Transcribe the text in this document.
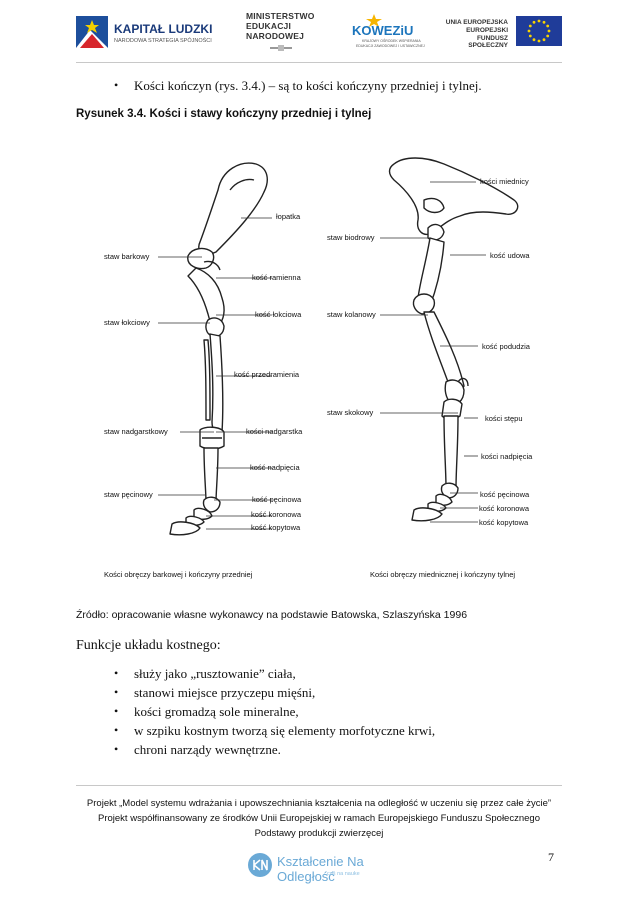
KAPITAŁ LUDZKI
NARODOWA STRATEGIA SPÓJNOŚCI
MINISTERSTWO
EDUKACJI
NARODOWEJ	KOWEZiU
KRAJOWY OŚRODEK WSPIERANIA
EDUKACJI ZAWODOWEJ I USTAWICZNEJ
UNIA EUROPEJSKA
EUROPEJSKI
FUNDUSZ SPOŁECZNY
• Kości kończyn (rys. 3.4.) – są to kości kończyny przedniej i tylnej.
Rysunek 3.4. Kości i stawy kończyny przedniej i tylnej
łopatka
staw barkowy
kość ramienna
staw łokciowy
kość łokciowa
kość przedramienia
staw nadgarstkowy	kości nadgarstka
kość nadpięcia
staw pęcinowy
kość pęcinowa
kość koronowa
kość kopytowa
kości miednicy
staw biodrowy
kość udowa
staw kolanowy
kość podudzia
staw skokowy
kości stępu
kości nadpięcia
kość pęcinowa
kość koronowa
kość kopytowa
Kości obręczy barkowej i kończyny przedniej	Kości obręczy miednicznej i kończyny tylnej
Źródło: opracowanie własne wykonawcy na podstawie Batowska, Szlaszyńska 1996
Funkcje układu kostnego:
• służy jako „rusztowanie” ciała,
• stanowi miejsce przyczepu mięśni,
• kości gromadzą sole mineralne,
• w szpiku kostnym tworzą się elementy morfotyczne krwi,
• chroni narządy wewnętrzne.
Projekt „Model systemu wdrażania i upowszechniania kształcenia na odległość w uczeniu się przez całe życie”
Projekt współfinansowany ze środków Unii Europejskiej w ramach Europejskiego Funduszu Społecznego
Podstawy produkcji zwierzęcej
Kształcenie Na Odległość
coś na nauke
7
